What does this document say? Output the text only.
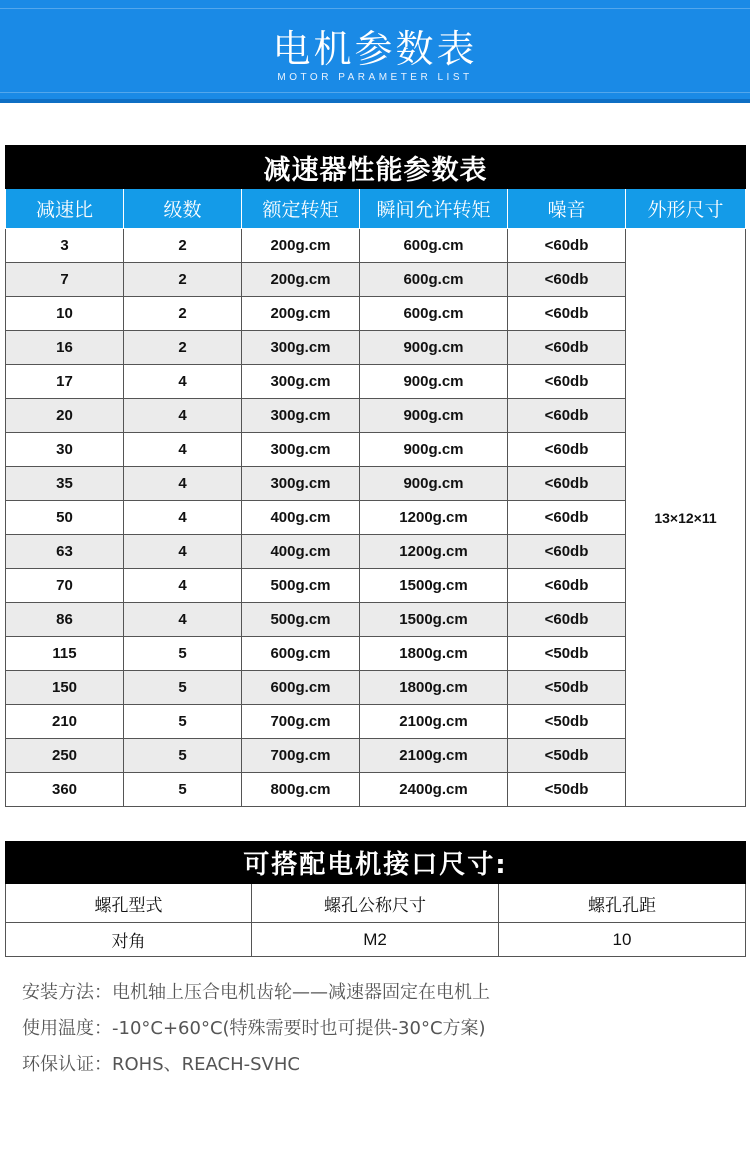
电机参数表
MOTOR PARAMETER LIST
减速器性能参数表					
减速比	级数	额定转矩	瞬间允许转矩	噪音	外形尺寸
3	2	200g.cm	600g.cm	<60db	13×12×11
7	2	200g.cm	600g.cm	<60db	
10	2	200g.cm	600g.cm	<60db	
16	2	300g.cm	900g.cm	<60db	
17	4	300g.cm	900g.cm	<60db	
20	4	300g.cm	900g.cm	<60db	
30	4	300g.cm	900g.cm	<60db	
35	4	300g.cm	900g.cm	<60db	
50	4	400g.cm	1200g.cm	<60db	
63	4	400g.cm	1200g.cm	<60db	
70	4	500g.cm	1500g.cm	<60db	
86	4	500g.cm	1500g.cm	<60db	
115	5	600g.cm	1800g.cm	<50db	
150	5	600g.cm	1800g.cm	<50db	
210	5	700g.cm	2100g.cm	<50db	
250	5	700g.cm	2100g.cm	<50db	
360	5	800g.cm	2400g.cm	<50db	
可搭配电机接口尺寸:		
螺孔型式	螺孔公称尺寸	螺孔孔距
对角	M2	10
安装方法：电机轴上压合电机齿轮——减速器固定在电机上
使用温度：-10°C+60°C(特殊需要时也可提供-30°C方案)
环保认证：ROHS、REACH-SVHC
